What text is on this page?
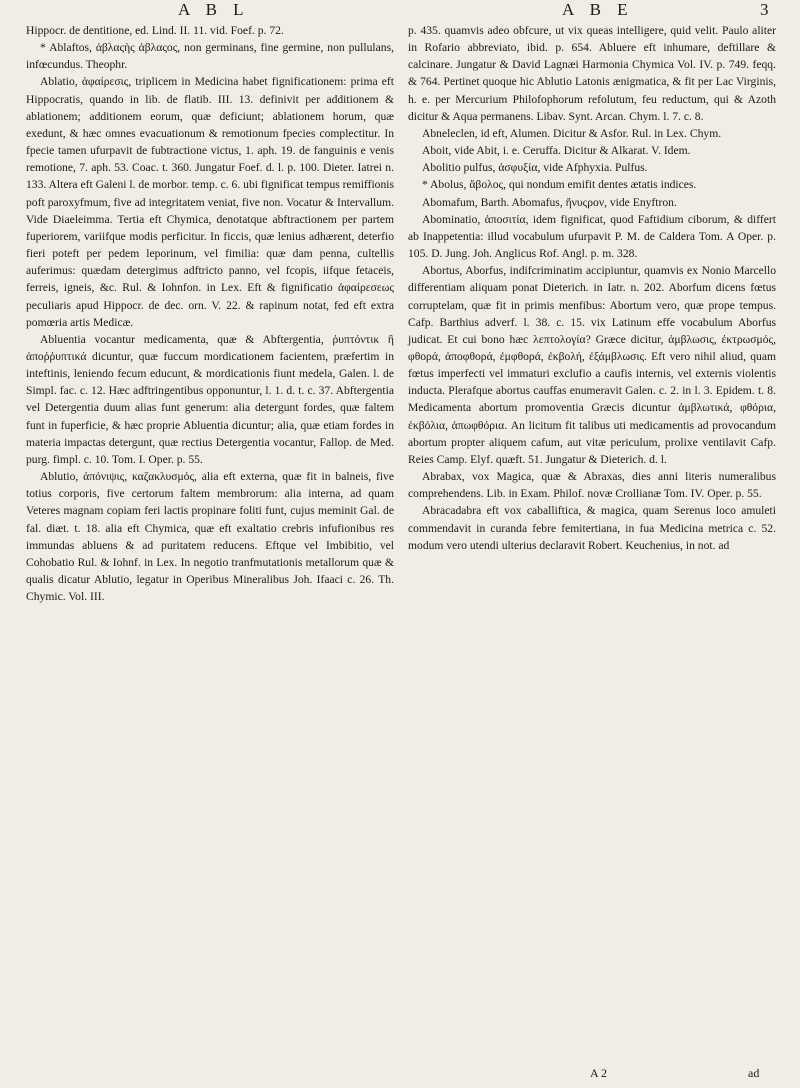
A B L	A B E	3

Hippocr. de dentitione, ed. Lind. II. 11. vid. Foef. p. 72.

* Ablaftos, ἀβλαςὴς ἀβλαςος, non germinans, fine germine, non pullulans, infœcundus. Theophr.

Ablatio, ἀφαίρεσις, triplicem in Medicina habet fignificationem: prima eft Hippocratis, quando in lib. de flatib. III. 13. definivit per additionem & ablationem; additionem eorum, quæ deficiunt; ablationem horum, quæ exedunt, & hæc omnes evacuationum & remotionum fpecies complectitur. In fpecie tamen ufurpavit de fubtractione victus, 1. aph. 19. de fanguinis e venis remotione, 7. aph. 53. Coac. t. 360. Jungatur Foef. d. l. p. 100. Dieter. Iatrei n. 133. Altera eft Galeni l. de morbor. temp. c. 6. ubi fignificat tempus remiffionis poft paroxyfmum, five ad integritatem veniat, five non. Vocatur & Intervallum. Vide Diaeleimma. Tertia eft Chymica, denotatque abftractionem per partem fuperiorem, variifque modis perficitur. In ficcis, quæ lenius adhærent, deterfio fieri poteft per pedem leporinum, vel fimilia: quæ dam penna, cultellis auferimus: quædam detergimus adftricto panno, vel fcopis, iifque fetaceis, ferreis, igneis, &c. Rul. & Iohnfon. in Lex. Eft & fignificatio ἀφαίρεσεως peculiaris apud Hippocr. de dec. orn. V. 22. & rapinum notat, fed eft extra pomœria artis Medicæ.

Abluentia vocantur medicamenta, quæ & Abftergentia, ῥυπτόντικ ἢ ἀποῤῥυπτικά dicuntur, quæ fuccum mordicationem facientem, præfertim in inteftinis, leniendo fecum educunt, & mordicationis fiunt medela, Galen. l. de Simpl. fac. c. 12. Hæc adftringentibus opponuntur, l. 1. d. t. c. 37. Abftergentia vel Detergentia duum alias funt generum: alia detergunt fordes, quæ faltem funt in fuperficie, & hæc proprie Abluentia dicuntur; alia, quæ etiam fordes in materia impactas detergunt, quæ rectius Detergentia vocantur, Fallop. de Med. purg. fimpl. c. 10. Tom. I. Oper. p. 55.

Ablutio, ἀπόνιψις, καζακλυσμός, alia eft externa, quæ fit in balneis, five totius corporis, five certorum faltem membrorum: alia interna, ad quam Veteres magnam copiam feri lactis propinare foliti funt, cujus meminit Gal. de fal. diæt. t. 18. alia eft Chymica, quæ eft exaltatio crebris infufionibus res immundas abluens & ad puritatem reducens. Eftque vel Imbibitio, vel Cohobatio Rul. & Iohnf. in Lex. In negotio tranfmutationis metallorum quæ & qualis dicatur Ablutio, legatur in Operibus Mineralibus Joh. Ifaaci c. 26. Th. Chymic. Vol. III.

p. 435. quamvis adeo obfcure, ut vix queas intelligere, quid velit. Paulo aliter in Rofario abbreviato, ibid. p. 654. Abluere eft inhumare, deftillare & calcinare. Jungatur & David Lagnæi Harmonia Chymica Vol. IV. p. 749. feqq. & 764. Pertinet quoque hic Ablutio Latonis ænigmatica, & fit per Lac Virginis, h. e. per Mercurium Philofophorum refolutum, feu reductum, qui & Azoth dicitur & Aqua permanens. Libav. Synt. Arcan. Chym. l. 7. c. 8.

Abneleclen, id eft, Alumen. Dicitur & Asfor. Rul. in Lex. Chym.

Aboit, vide Abit, i. e. Ceruffa. Dicitur & Alkarat. V. Idem.

Abolitio pulfus, ἀσφυξία, vide Afphyxia. Pulfus.

* Abolus, ἄβολος, qui nondum emifit dentes ætatis indices.

Abomafum, Barth. Abomafus, ἤνυςρον, vide Enyftron.

Abominatio, ἀποσιτία, idem fignificat, quod Faftidium ciborum, & differt ab Inappetentia: illud vocabulum ufurpavit P. M. de Caldera Tom. A Oper. p. 105. D. Jung. Joh. Anglicus Rof. Angl. p. m. 328.

Abortus, Aborfus, indifcriminatim accipiuntur, quamvis ex Nonio Marcello differentiam aliquam ponat Dieterich. in Iatr. n. 202. Aborfum dicens fœtus corruptelam, quæ fit in primis menfibus: Abortum vero, quæ prope tempus. Cafp. Barthius adverf. l. 38. c. 15. vix Latinum effe vocabulum Aborfus judicat. Et cui bono hæc λεπτολογία? Græce dicitur, ἀμβλωσις, ἐκτρωσμός, φθορά, ἀποφθορά, ἐμφθορά, ἐκβολή, ἐξάμβλωσις. Eft vero nihil aliud, quam fœtus imperfecti vel immaturi exclufio a caufis internis, vel externis violentis inducta. Plerafque abortus cauffas enumeravit Galen. c. 2. in l. 3. Epidem. t. 8. Medicamenta abortum promoventia Græcis dicuntur ἀμβλωτικά, φθόρια, ἐκβόλια, ἀπωφθόρια. An licitum fit talibus uti medicamentis ad provocandum abortum propter aliquem cafum, aut vitæ periculum, prolixe ventilavit Cafp. Reies Camp. Elyf. quæft. 51. Jungatur & Dieterich. d. l.

Abrabax, vox Magica, quæ & Abraxas, dies anni literis numeralibus comprehendens. Lib. in Exam. Philof. novæ Crollianæ Tom. IV. Oper. p. 55.

Abracadabra eft vox caballiftica, & magica, quam Serenus loco amuleti commendavit in curanda febre femitertiana, in fua Medicina metrica c. 52. modum vero utendi ulterius declaravit Robert. Keuchenius, in not. ad

A 2	ad
